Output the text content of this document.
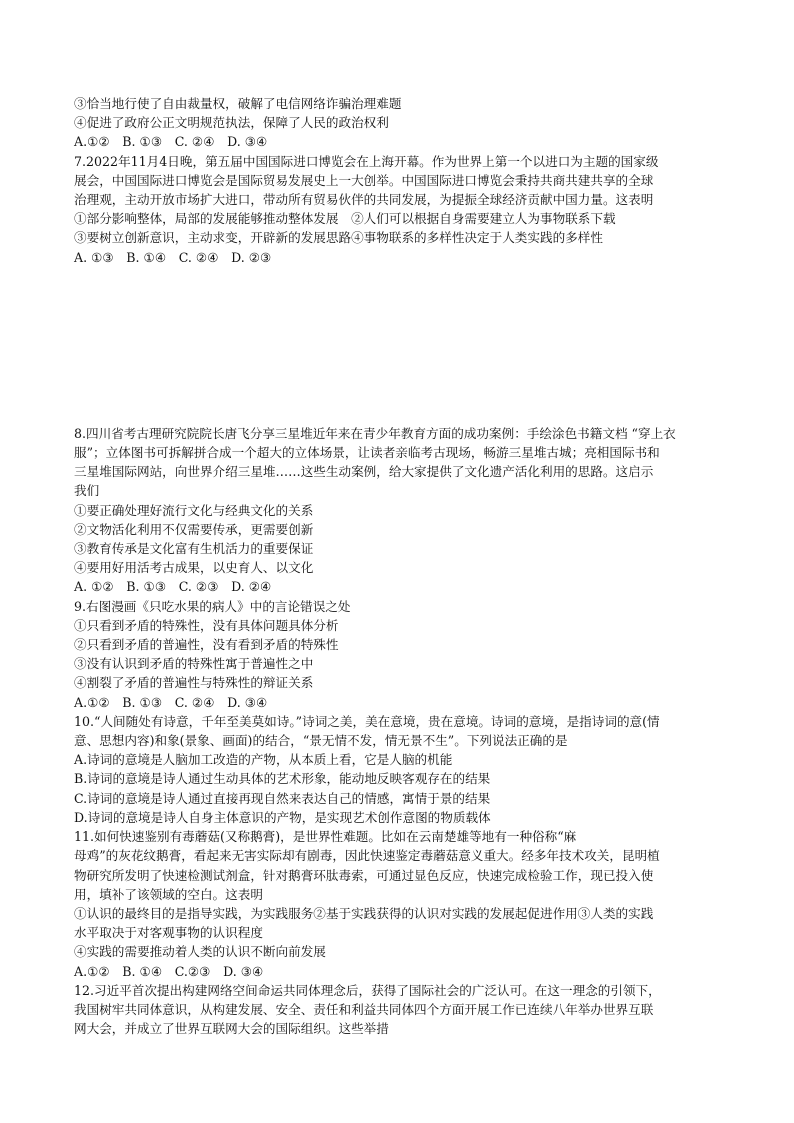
③恰当地行使了自由裁量权，破解了电信网络诈骗治理难题
④促进了政府公正文明规范执法，保障了人民的政治权利
A.①②　B. ①③　C. ②④　D. ③④
7.2022年11月4日晚，第五届中国国际进口博览会在上海开幕。作为世界上第一个以进口为主题的国家级
展会，中国国际进口博览会是国际贸易发展史上一大创举。中国国际进口博览会秉持共商共建共享的全球
治理观，主动开放市场扩大进口，带动所有贸易伙伴的共同发展，为提振全球经济贡献中国力量。这表明
①部分影响整体，局部的发展能够推动整体发展　②人们可以根据自身需要建立人为事物联系下载
③要树立创新意识，主动求变，开辟新的发展思路④事物联系的多样性决定于人类实践的多样性
A. ①③　B. ①④　C. ②④　D. ②③
8.四川省考古理研究院院长唐飞分享三星堆近年来在青少年教育方面的成功案例：手绘涂色书籍文档 “穿上衣
服”；立体图书可拆解拼合成一个超大的立体场景，让读者亲临考古现场，畅游三星堆古城；亮相国际书和
三星堆国际网站，向世界介绍三星堆……这些生动案例，给大家提供了文化遗产活化利用的思路。这启示
我们
①要正确处理好流行文化与经典文化的关系
②文物活化利用不仅需要传承，更需要创新
③教育传承是文化富有生机活力的重要保证
④要用好用活考古成果，以史育人、以文化
A. ①②　B. ①③　C. ②③　D. ②④
9.右图漫画《只吃水果的病人》中的言论错误之处
①只看到矛盾的特殊性，没有具体问题具体分析
②只看到矛盾的普遍性，没有看到矛盾的特殊性
③没有认识到矛盾的特殊性寓于普遍性之中
④割裂了矛盾的普遍性与特殊性的辩证关系
A.①②　B. ①③　C. ②④　D. ③④
10.“人间随处有诗意，千年至美莫如诗。”诗词之美，美在意境，贵在意境。诗词的意境，是指诗词的意(情
意、思想内容)和象(景象、画面)的结合，“景无情不发，情无景不生”。下列说法正确的是
A.诗词的意境是人脑加工改造的产物，从本质上看，它是人脑的机能
B.诗词的意境是诗人通过生动具体的艺术形象，能动地反映客观存在的结果
C.诗词的意境是诗人通过直接再现自然来表达自己的情感，寓情于景的结果
D.诗词的意境是诗人自身主体意识的产物，是实现艺术创作意图的物质载体
11.如何快速鉴别有毒蘑菇(又称鹅膏)，是世界性难题。比如在云南楚雄等地有一种俗称“麻
母鸡”的灰花纹鹅膏，看起来无害实际却有剧毒，因此快速鉴定毒蘑菇意义重大。经多年技术攻关，昆明植
物研究所发明了快速检测试剂盒，针对鹅膏环肽毒索，可通过显色反应，快速完成检验工作，现已投入使
用，填补了该领域的空白。这表明
①认识的最终目的是指导实践，为实践服务②基于实践获得的认识对实践的发展起促进作用③人类的实践
水平取决于对客观事物的认识程度
④实践的需要推动着人类的认识不断向前发展
A.①②　B. ①④　C.②③　D. ③④
12.习近平首次提出构建网络空间命运共同体理念后，获得了国际社会的广泛认可。在这一理念的引领下，
我国树牢共同体意识，从构建发展、安全、责任和利益共同体四个方面开展工作已连续八年举办世界互联
网大会，并成立了世界互联网大会的国际组织。这些举措
